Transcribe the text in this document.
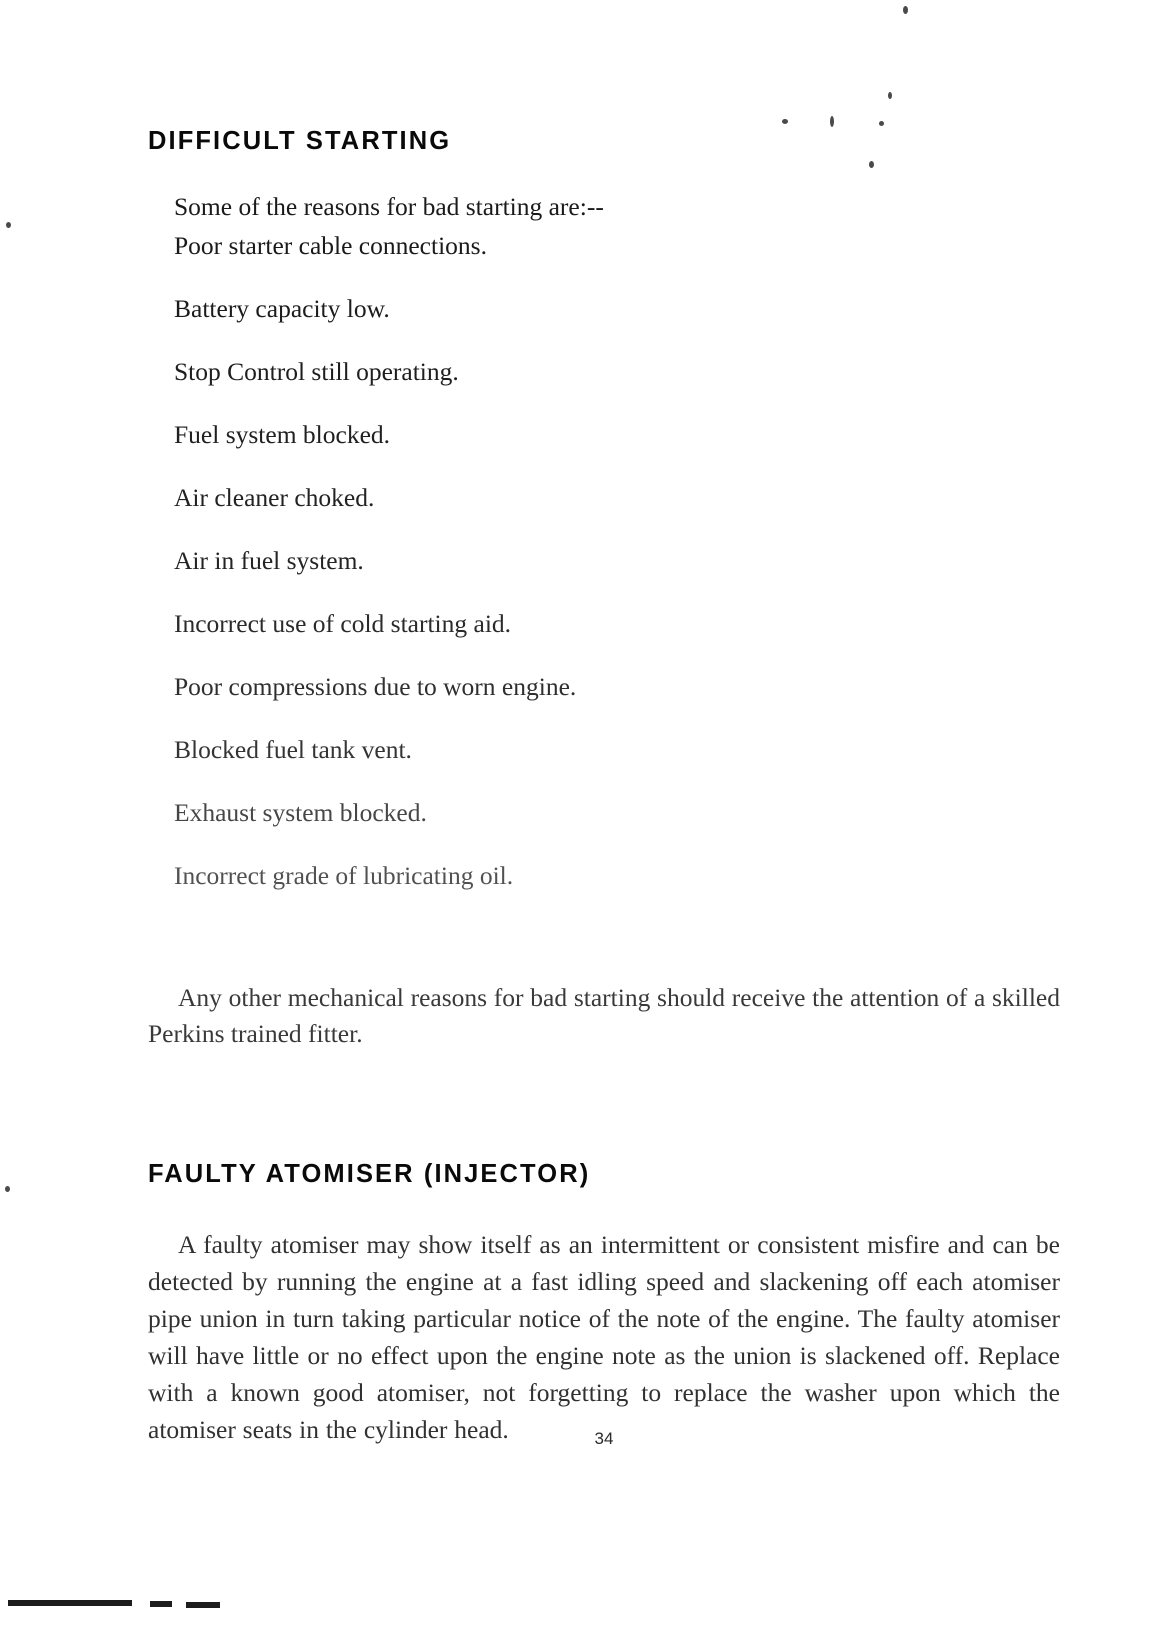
DIFFICULT STARTING

Some of the reasons for bad starting are:--

Poor starter cable connections.
Battery capacity low.
Stop Control still operating.
Fuel system blocked.
Air cleaner choked.
Air in fuel system.
Incorrect use of cold starting aid.
Poor compressions due to worn engine.
Blocked fuel tank vent.
Exhaust system blocked.
Incorrect grade of lubricating oil.

Any other mechanical reasons for bad starting should receive the attention of a skilled Perkins trained fitter.

FAULTY ATOMISER (INJECTOR)

A faulty atomiser may show itself as an intermittent or consistent misfire and can be detected by running the engine at a fast idling speed and slackening off each atomiser pipe union in turn taking particular notice of the note of the engine. The faulty atomiser will have little or no effect upon the engine note as the union is slackened off. Replace with a known good atomiser, not forgetting to replace the washer upon which the atomiser seats in the cylinder head.	34
